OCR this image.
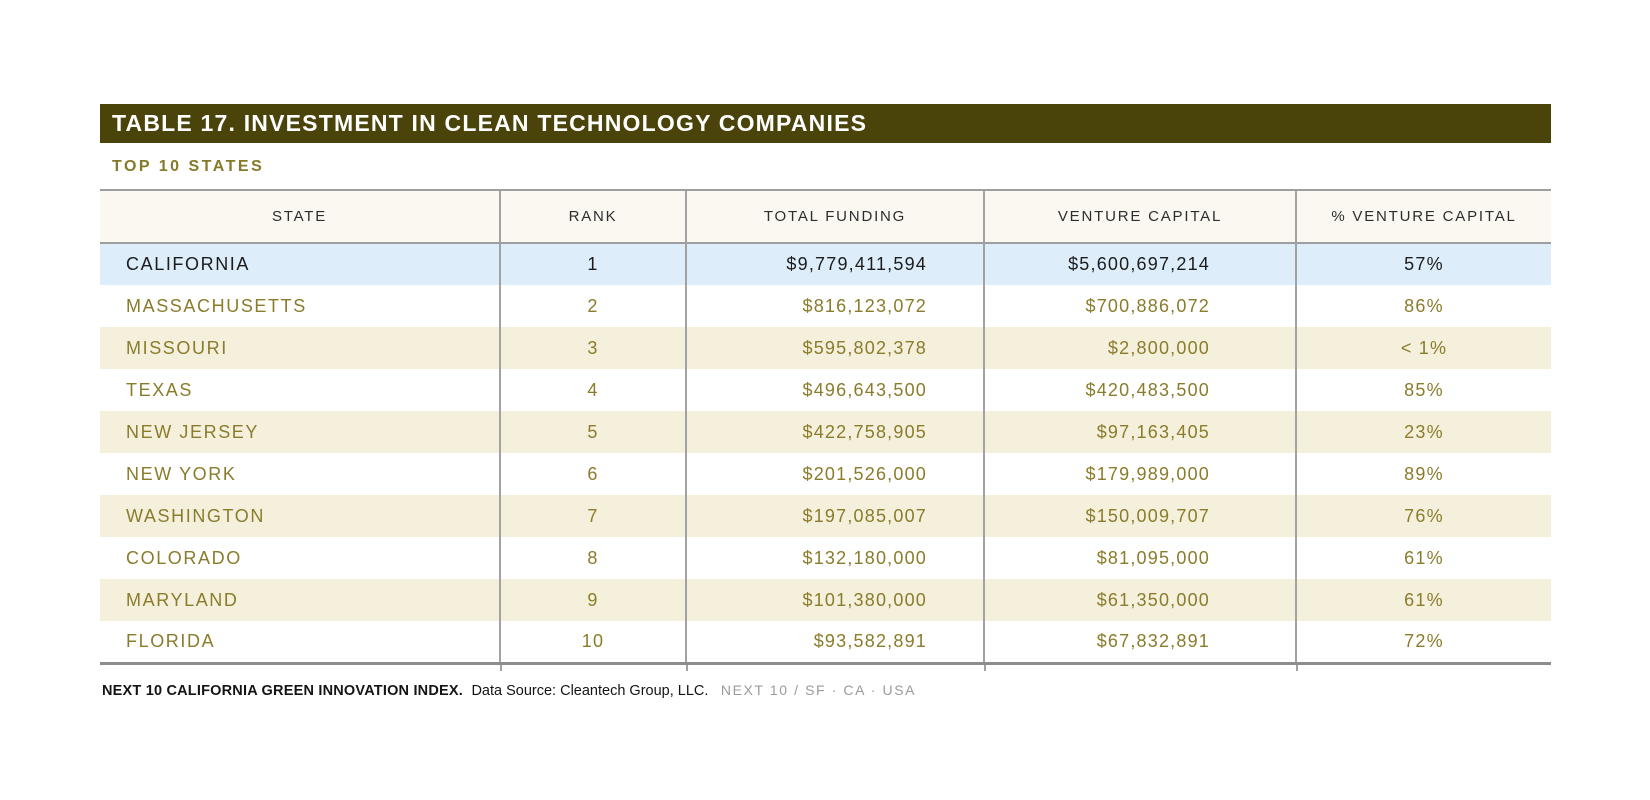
TABLE 17. INVESTMENT IN CLEAN TECHNOLOGY COMPANIES
TOP 10 STATES
STATE	RANK	TOTAL FUNDING	VENTURE CAPITAL	% VENTURE CAPITAL
CALIFORNIA	1	$9,779,411,594	$5,600,697,214	57%
MASSACHUSETTS	2	$816,123,072	$700,886,072	86%
MISSOURI	3	$595,802,378	$2,800,000	< 1%
TEXAS	4	$496,643,500	$420,483,500	85%
NEW JERSEY	5	$422,758,905	$97,163,405	23%
NEW YORK	6	$201,526,000	$179,989,000	89%
WASHINGTON	7	$197,085,007	$150,009,707	76%
COLORADO	8	$132,180,000	$81,095,000	61%
MARYLAND	9	$101,380,000	$61,350,000	61%
FLORIDA	10	$93,582,891	$67,832,891	72%
NEXT 10 CALIFORNIA GREEN INNOVATION INDEX. Data Source: Cleantech Group, LLC. NEXT 10 / SF · CA · USA
